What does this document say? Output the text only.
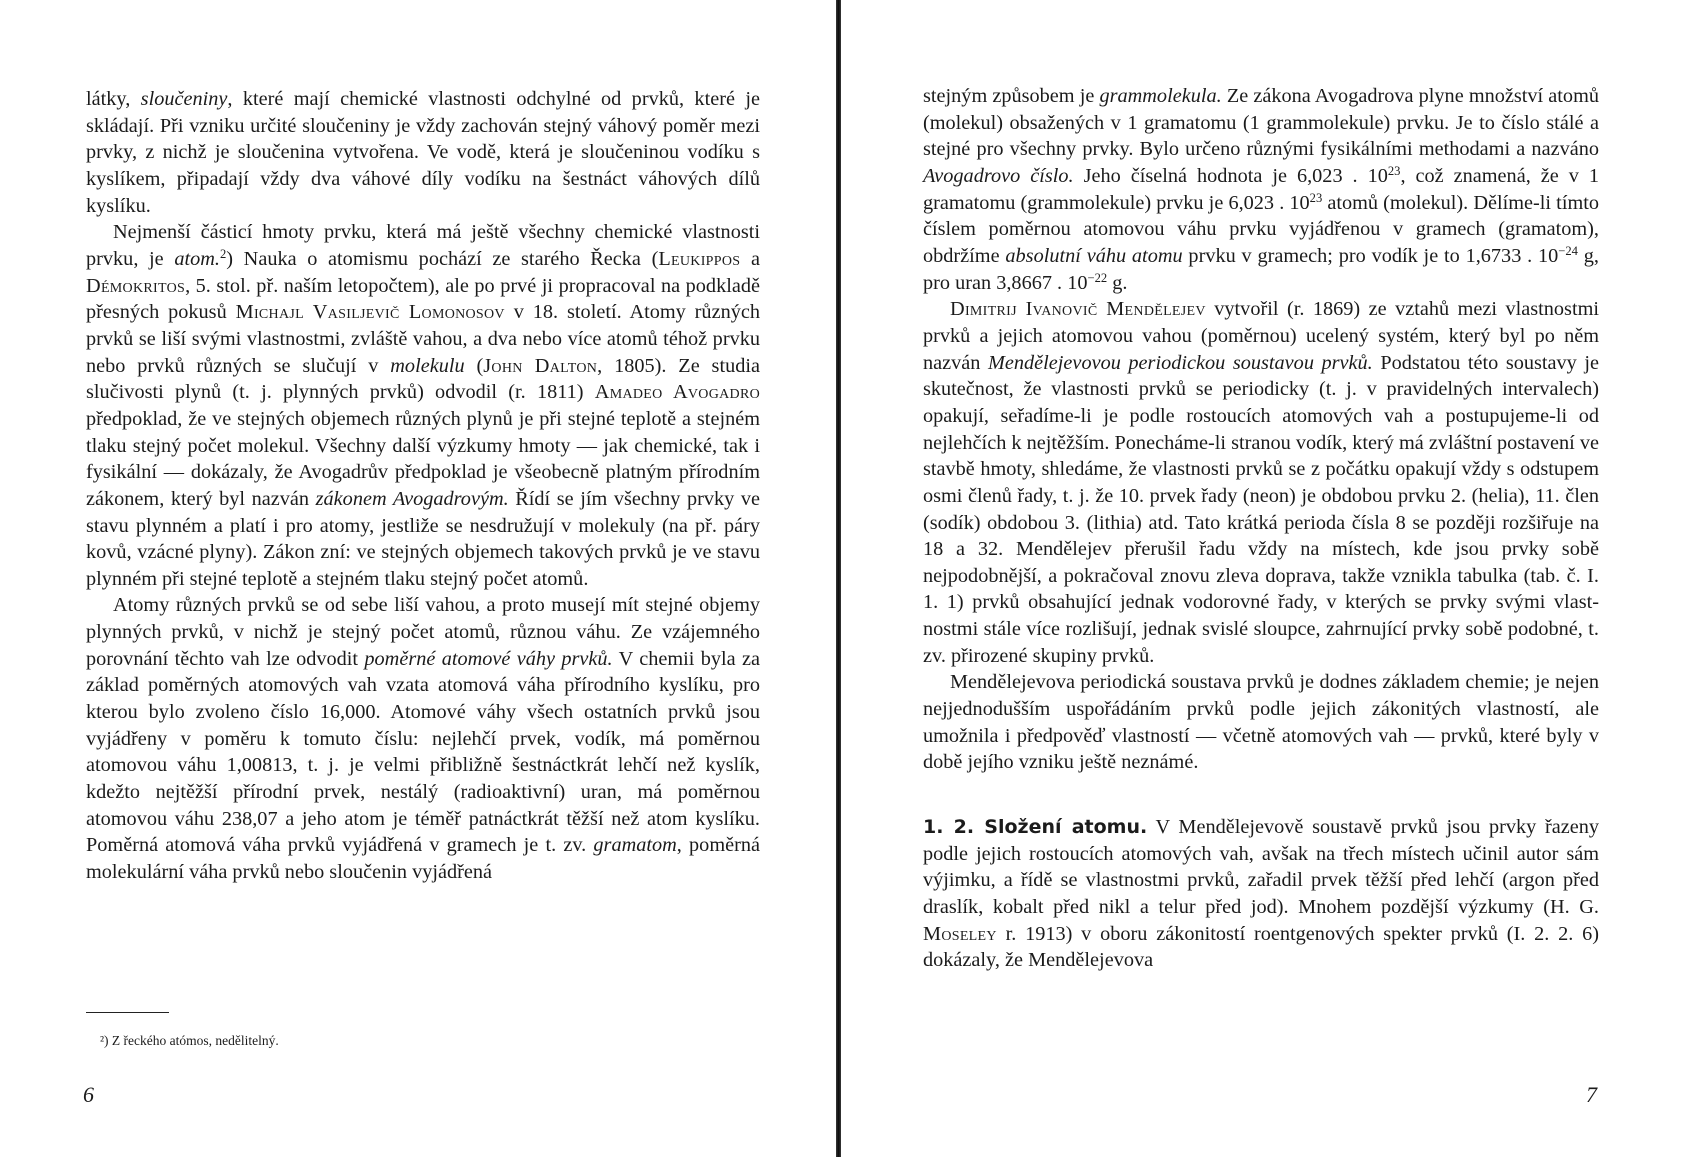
látky, sloučeniny, které mají chemické vlastnosti odchylné od prvků, které je skládají. Při vzniku určité sloučeniny je vždy zachován stejný váhový poměr mezi prvky, z nichž je sloučenina vytvořena. Ve vodě, která je sloučeninou vodíku s kyslíkem, připadají vždy dva váhové díly vodíku na šestnáct váhových dílů kyslíku.

Nejmenší částicí hmoty prvku, která má ještě všechny chemické vlastnosti prvku, je atom.$^2$) Nauka o atomismu pochází ze starého Řecka (Leukippos a Démokritos, 5. stol. př. naším letopočtem), ale po prvé ji propracoval na podkladě přesných pokusů Michajl Vasiljevič Lomonosov v 18. století. Atomy různých prvků se liší svými vlastnostmi, zvláště vahou, a dva nebo více atomů téhož prvku nebo prvků různých se slučují v molekulu (John Dalton, 1805). Ze studia slučivosti plynů (t. j. plynných prvků) odvodil (r. 1811) Amadeo Avogadro předpoklad, že ve stejných objemech různých plynů je při stejné teplotě a stejném tlaku stejný počet molekul. Všechny další výzkumy hmoty — jak chemické, tak i fysikální — dokázaly, že Avogadrův předpoklad je všeobecně platným přírodním zákonem, který byl nazván zákonem Avogadrovým. Řídí se jím všechny prvky ve stavu plynném a platí i pro atomy, jestliže se nesdružují v molekuly (na př. páry kovů, vzácné plyny). Zákon zní: ve stejných objemech takových prvků je ve stavu plynném při stejné teplotě a stejném tlaku stejný počet atomů.

Atomy různých prvků se od sebe liší vahou, a proto musejí mít stejné objemy plynných prvků, v nichž je stejný počet atomů, různou váhu. Ze vzájemného porovnání těchto vah lze odvodit poměrné atomové váhy prvků. V chemii byla za základ poměrných atomových vah vzata atomová váha přírodního kyslíku, pro kterou bylo zvoleno číslo 16,000. Atomové váhy všech ostatních prvků jsou vyjádřeny v poměru k tomuto číslu: nejlehčí prvek, vodík, má poměrnou atomovou váhu 1,00813, t. j. je velmi přibližně šestnáctkrát lehčí než kyslík, kdežto nejtěžší přírodní prvek, nestálý (radioaktivní) uran, má poměrnou atomovou váhu 238,07 a jeho atom je téměř patnáctkrát těžší než atom kyslíku. Poměrná atomová váha prvků vyjádřená v gramech je t. zv. gramatom, poměrná molekulární váha prvků nebo sloučenin vyjádřená

²) Z řeckého atómos, nedělitelný.
6

stejným způsobem je grammolekula. Ze zákona Avogadrova plyne množství atomů (molekul) obsažených v 1 gramatomu (1 grammolekule) prvku. Je to číslo stálé a stejné pro všechny prvky. Bylo určeno různými fysikálními methodami a nazváno Avogadrovo číslo. Jeho číselná hodnota je 6,023 . $10^{23}$, což znamená, že v 1 gramatomu (grammolekule) prvku je 6,023 . $10^{23}$ atomů (molekul). Dělíme-li tímto číslem poměrnou atomovou váhu prvku vyjádřenou v gramech (gramatom), obdržíme absolutní váhu atomu prvku v gramech; pro vodík je to 1,6733 . $10^{-24}$ g, pro uran 3,8667 . $10^{-22}$ g.

Dimitrij Ivanovič Mendělejev vytvořil (r. 1869) ze vztahů mezi vlastnostmi prvků a jejich atomovou vahou (poměrnou) ucelený systém, který byl po něm nazván Mendělejevovou periodickou soustavou prvků. Podstatou této soustavy je skutečnost, že vlastnosti prvků se periodicky (t. j. v pravidelných intervalech) opakují, seřadíme-li je podle rostoucích atomových vah a postupujeme-li od nejlehčích k nejtěžším. Ponecháme-li stranou vodík, který má zvláštní postavení ve stavbě hmoty, shledáme, že vlastnosti prvků se z počátku opakují vždy s odstupem osmi členů řady, t. j. že 10. prvek řady (neon) je obdobou prvku 2. (helia), 11. člen (sodík) obdobou 3. (lithia) atd. Tato krátká perioda čísla 8 se později rozšiřuje na 18 a 32. Mendělejev přerušil řadu vždy na místech, kde jsou prvky sobě nejpodobnější, a pokračoval znovu zleva doprava, takže vznikla tabulka (tab. č. I. 1. 1) prvků obsahující jednak vodorovné řady, v kterých se prvky svými vlastnostmi stále více rozlišují, jednak svislé sloupce, zahrnující prvky sobě podobné, t. zv. přirozené skupiny prvků.

Mendělejevova periodická soustava prvků je dodnes základem chemie; je nejen nejjednodušším uspořádáním prvků podle jejich zákonitých vlastností, ale umožnila i předpověď vlastností — včetně atomových vah — prvků, které byly v době jejího vzniku ještě neznámé.

1. 2. Složení atomu. V Mendělejevově soustavě prvků jsou prvky řazeny podle jejich rostoucích atomových vah, avšak na třech místech učinil autor sám výjimku, a řídě se vlastnostmi prvků, zařadil prvek těžší před lehčí (argon před draslík, kobalt před nikl a telur před jod). Mnohem pozdější výzkumy (H. G. Moseley r. 1913) v oboru zákonitostí roentgenových spekter prvků (I. 2. 2. 6) dokázaly, že Mendělejevova

7
